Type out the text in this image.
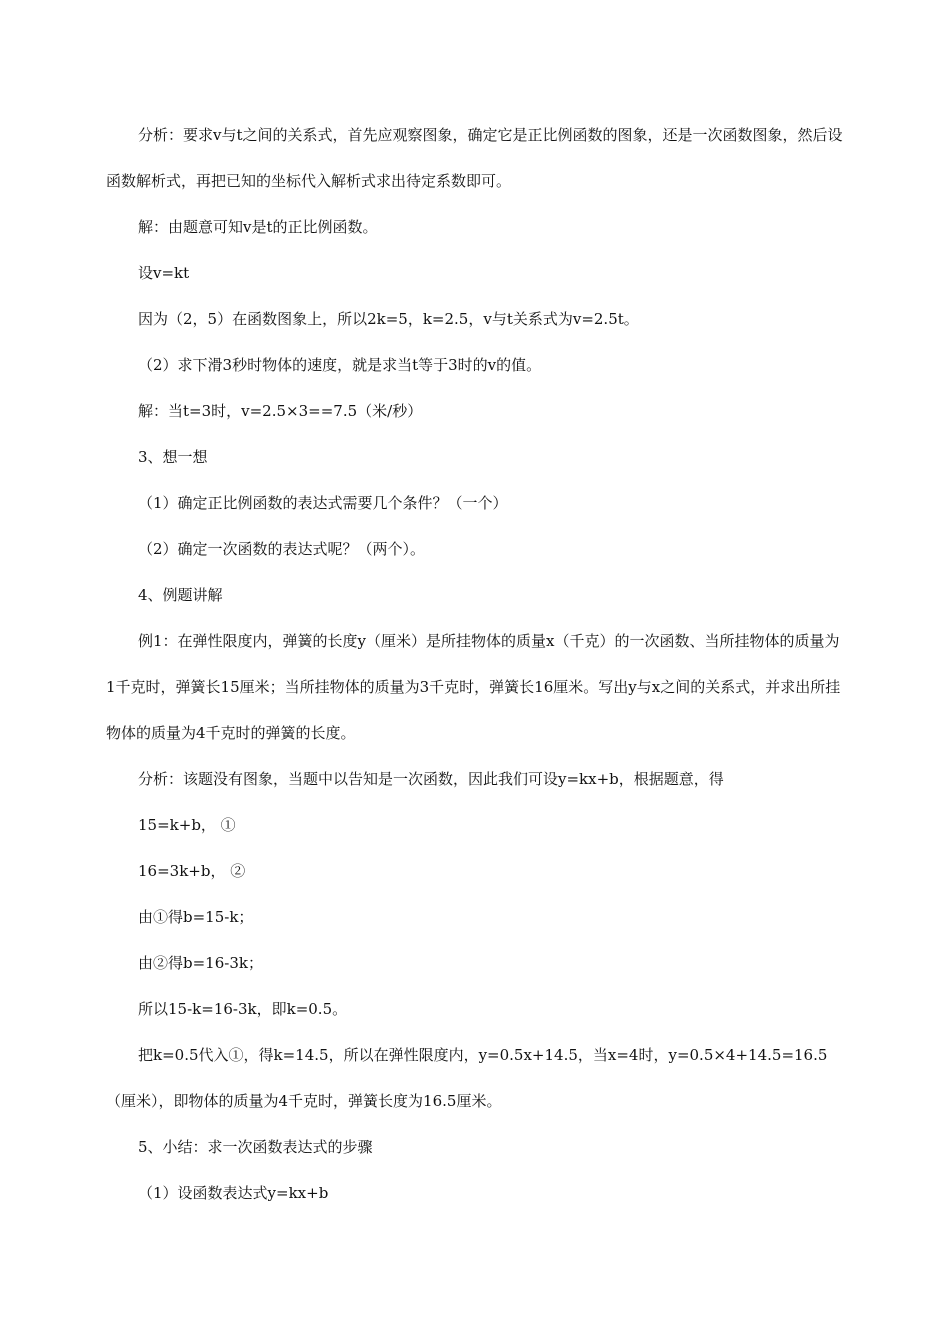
分析：要求v与t之间的关系式，首先应观察图象，确定它是正比例函数的图象，还是一次函数图象，然后设函数解析式，再把已知的坐标代入解析式求出待定系数即可。
解：由题意可知v是t的正比例函数。
设v=kt
因为（2，5）在函数图象上，所以2k=5，k=2.5，v与t关系式为v=2.5t。
（2）求下滑3秒时物体的速度，就是求当t等于3时的v的值。
解：当t=3时，v=2.5×3==7.5（米/秒）
3、想一想
（1）确定正比例函数的表达式需要几个条件？（一个）
（2）确定一次函数的表达式呢？（两个）。
4、例题讲解
例1：在弹性限度内，弹簧的长度y（厘米）是所挂物体的质量x（千克）的一次函数、当所挂物体的质量为1千克时，弹簧长15厘米；当所挂物体的质量为3千克时，弹簧长16厘米。写出y与x之间的关系式，并求出所挂物体的质量为4千克时的弹簧的长度。
分析：该题没有图象，当题中以告知是一次函数，因此我们可设y=kx+b，根据题意，得
15=k+b， ①
16=3k+b， ②
由①得b=15-k；
由②得b=16-3k；
所以15-k=16-3k，即k=0.5。
把k=0.5代入①，得k=14.5，所以在弹性限度内，y=0.5x+14.5，当x=4时，y=0.5×4+14.5=16.5（厘米），即物体的质量为4千克时，弹簧长度为16.5厘米。
5、小结：求一次函数表达式的步骤
（1）设函数表达式y=kx+b
